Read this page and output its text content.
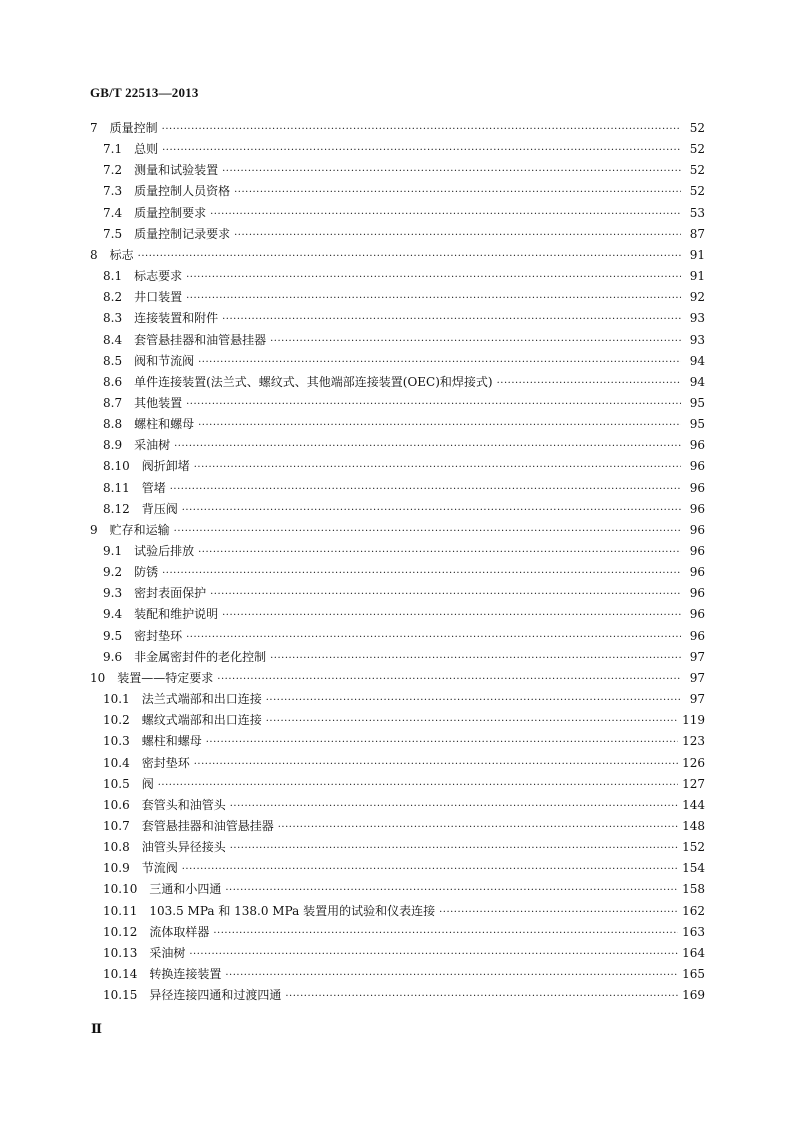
GB/T 22513—2013
7	质量控制 ·····	52
7.1	总则 ·····	52
7.2	测量和试验装置 ·····	52
7.3	质量控制人员资格 ·····	52
7.4	质量控制要求 ·····	53
7.5	质量控制记录要求 ·····	87
8	标志 ·····	91
8.1	标志要求 ·····	91
8.2	井口装置 ·····	92
8.3	连接装置和附件 ·····	93
8.4	套管悬挂器和油管悬挂器 ·····	93
8.5	阀和节流阀 ·····	94
8.6	单件连接装置(法兰式、螺纹式、其他端部连接装置(OEC)和焊接式) ·····	94
8.7	其他装置 ·····	95
8.8	螺柱和螺母 ·····	95
8.9	采油树 ·····	96
8.10	阀折卸堵 ·····	96
8.11	管堵 ·····	96
8.12	背压阀 ·····	96
9	贮存和运输 ·····	96
9.1	试验后排放 ·····	96
9.2	防锈 ·····	96
9.3	密封表面保护 ·····	96
9.4	装配和维护说明 ·····	96
9.5	密封垫环 ·····	96
9.6	非金属密封件的老化控制 ·····	97
10	装置——特定要求 ·····	97
10.1	法兰式端部和出口连接 ·····	97
10.2	螺纹式端部和出口连接 ·····	119
10.3	螺柱和螺母 ·····	123
10.4	密封垫环 ·····	126
10.5	阀 ·····	127
10.6	套管头和油管头 ·····	144
10.7	套管悬挂器和油管悬挂器 ·····	148
10.8	油管头异径接头 ·····	152
10.9	节流阀 ·····	154
10.10	三通和小四通 ·····	158
10.11	103.5 MPa 和 138.0 MPa 装置用的试验和仪表连接 ·····	162
10.12	流体取样器 ·····	163
10.13	采油树 ·····	164
10.14	转换连接装置 ·····	165
10.15	异径连接四通和过渡四通 ·····	169
Ⅱ
